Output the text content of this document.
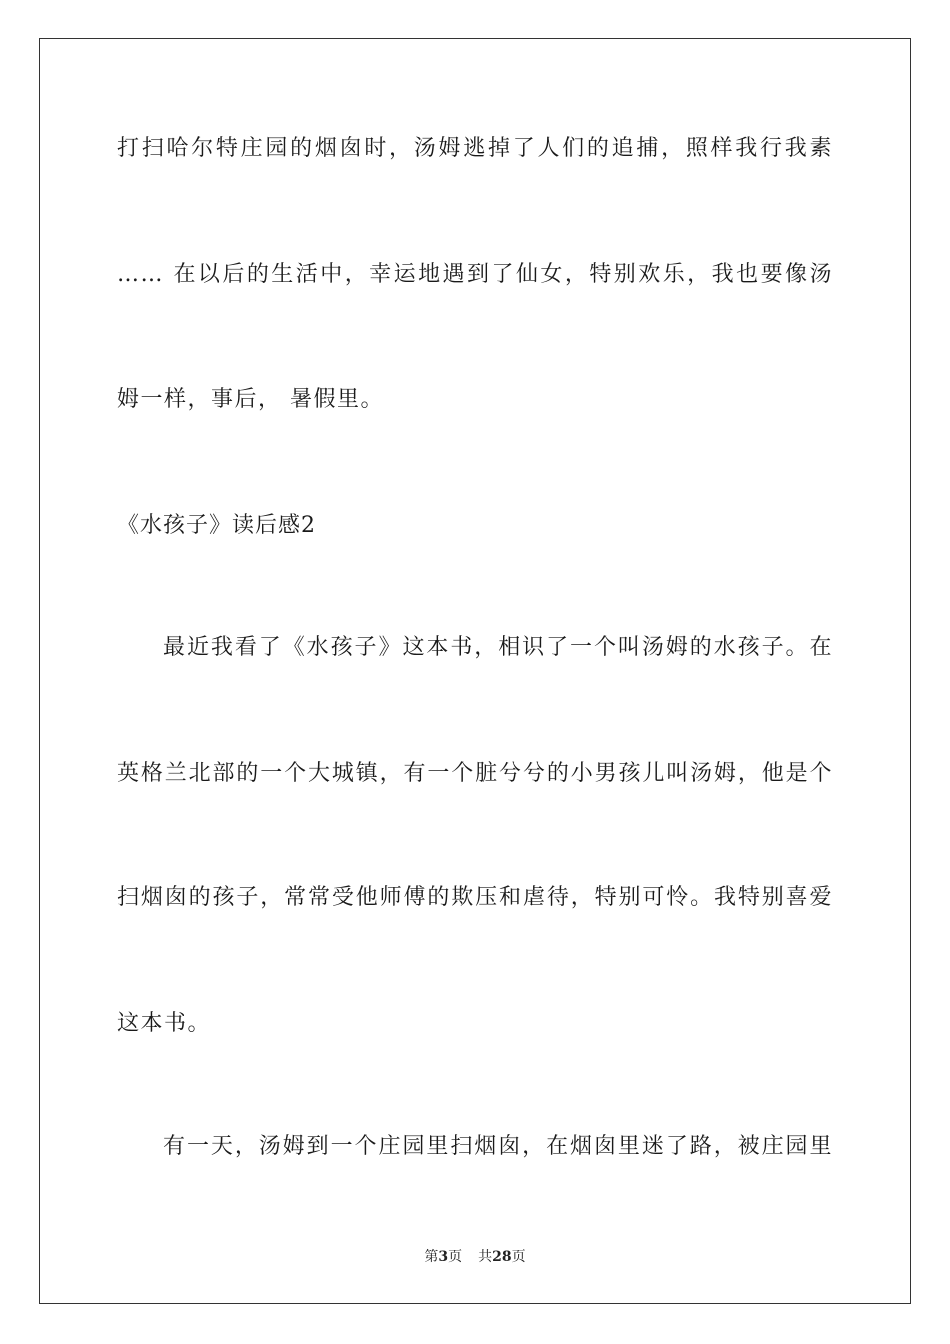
打扫哈尔特庄园的烟囱时，汤姆逃掉了人们的追捕，照样我行我素
…… 在以后的生活中，幸运地遇到了仙女，特别欢乐，我也要像汤
姆一样，事后， 暑假里。
《水孩子》读后感2
最近我看了《水孩子》这本书，相识了一个叫汤姆的水孩子。在
英格兰北部的一个大城镇，有一个脏兮兮的小男孩儿叫汤姆，他是个
扫烟囱的孩子，常常受他师傅的欺压和虐待，特别可怜。我特别喜爱
这本书。
有一天，汤姆到一个庄园里扫烟囱，在烟囱里迷了路，被庄园里
第3页 共28页
